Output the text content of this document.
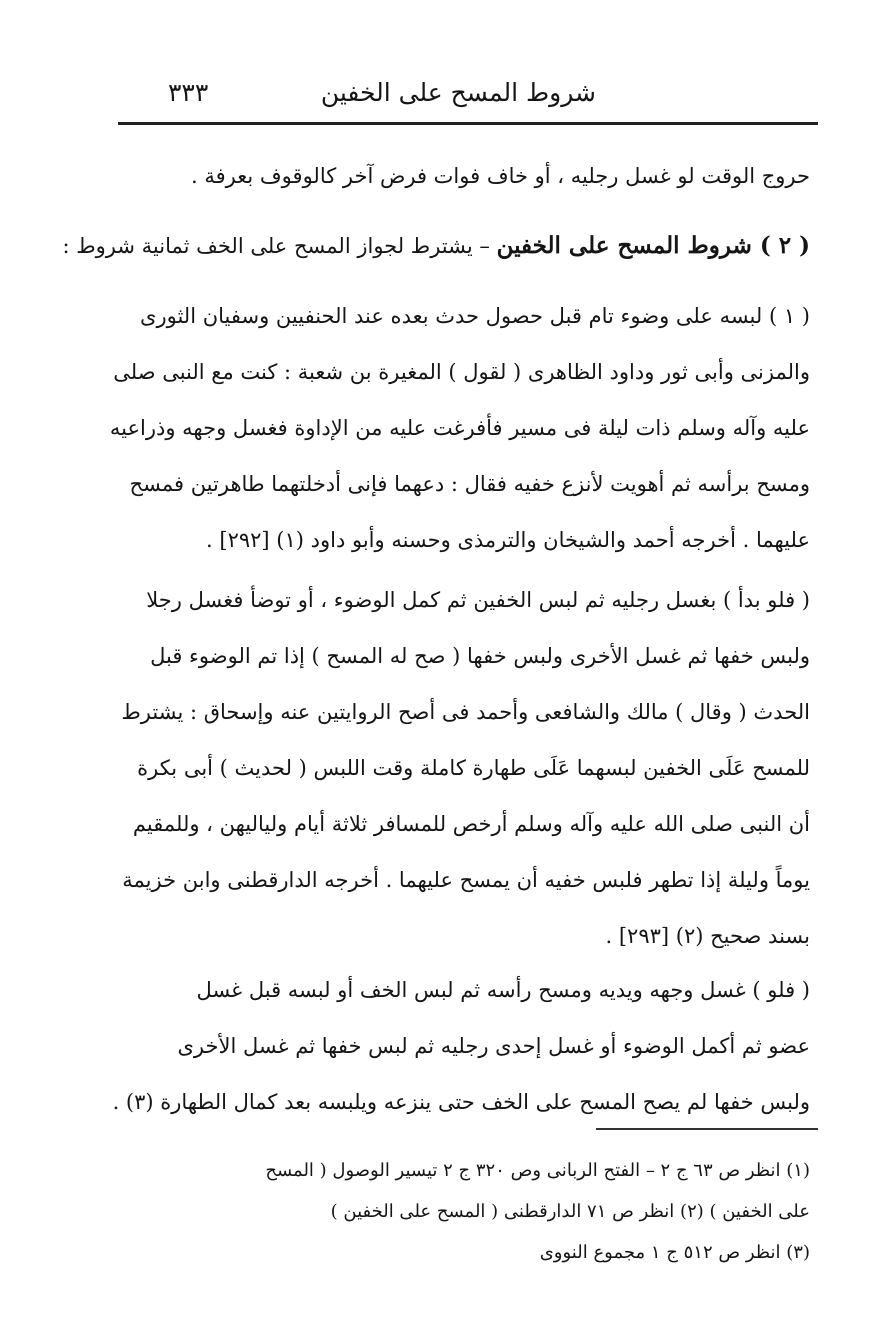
شروط المسح على الخفين
٣٣٣
حروج الوقت لو غسل رجليه ، أو خاف فوات فرض آخر كالوقوف بعرفة .
( ٢ ) شروط المسح على الخفين – يشترط لجواز المسح على الخف ثمانية شروط :
( ١ ) لبسه على وضوء تام قبل حصول حدث بعده عند الحنفيين وسفيان الثورى
والمزنى وأبى ثور وداود الظاهرى ( لقول ) المغيرة بن شعبة : كنت مع النبى صلى
عليه وآله وسلم ذات ليلة فى مسير فأفرغت عليه من الإداوة فغسل وجهه وذراعيه
ومسح برأسه ثم أهويت لأنزع خفيه فقال : دعهما فإنى أدخلتهما طاهرتين فمسح
عليهما . أخرجه أحمد والشيخان والترمذى وحسنه وأبو داود (١) [٢٩٢] .
( فلو بدأ ) بغسل رجليه ثم لبس الخفين ثم كمل الوضوء ، أو توضأ فغسل رجلا
ولبس خفها ثم غسل الأخرى ولبس خفها ( صح له المسح ) إذا تم الوضوء قبل
الحدث ( وقال ) مالك والشافعى وأحمد فى أصح الروايتين عنه وإسحاق : يشترط
للمسح عَلَى الخفين لبسهما عَلَى طهارة كاملة وقت اللبس ( لحديث ) أبى بكرة
أن النبى صلى الله عليه وآله وسلم أرخص للمسافر ثلاثة أيام ولياليهن ، وللمقيم
يوماً وليلة إذا تطهر فلبس خفيه أن يمسح عليهما . أخرجه الدارقطنى وابن خزيمة
بسند صحيح (٢) [٢٩٣] .
( فلو ) غسل وجهه ويديه ومسح رأسه ثم لبس الخف أو لبسه قبل غسل
عضو ثم أكمل الوضوء أو غسل إحدى رجليه ثم لبس خفها ثم غسل الأخرى
ولبس خفها لم يصح المسح على الخف حتى ينزعه ويلبسه بعد كمال الطهارة (٣) .
(١) انظر ص ٦٣ ج ٢ – الفتح الربانى وص ٣٢٠ ج ٢ تيسير الوصول ( المسح
على الخفين ) (٢) انظر ص ٧١ الدارقطنى ( المسح على الخفين )
(٣) انظر ص ٥١٢ ج ١ مجموع النووى
